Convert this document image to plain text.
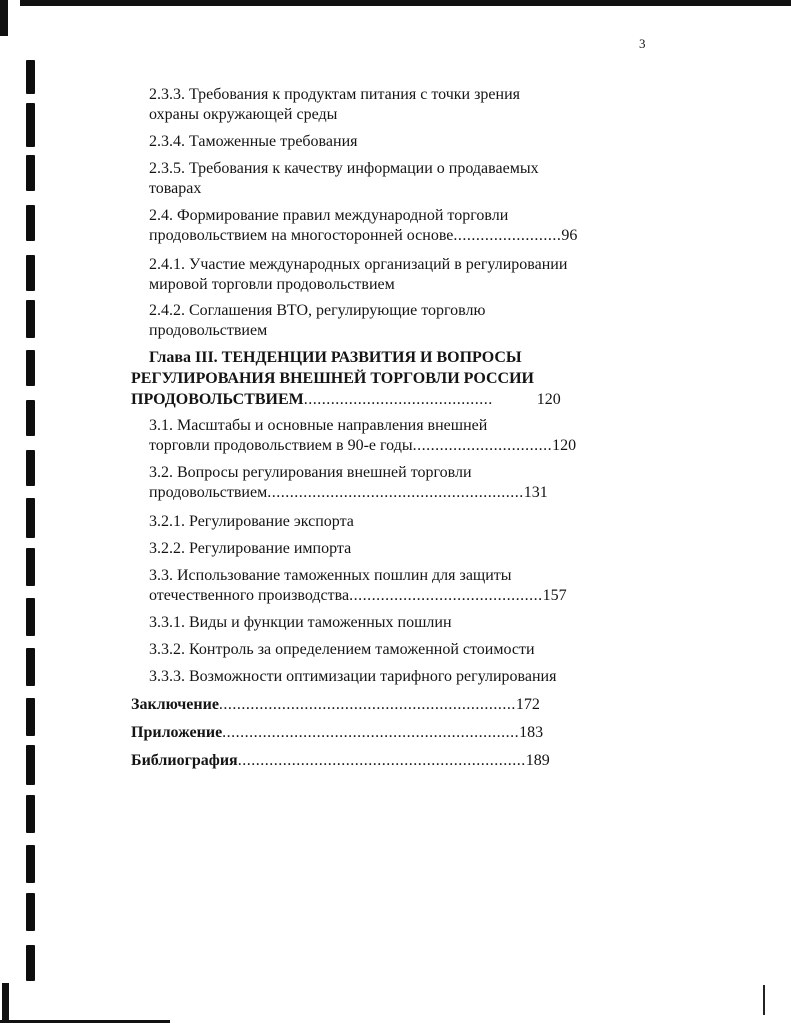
3
2.3.3. Требования к продуктам питания с точки зрения
охраны окружающей среды
2.3.4. Таможенные требования
2.3.5. Требования к качеству информации о продаваемых
товарах
2.4. Формирование правил международной торговли
продовольствием на многосторонней основе........................96
2.4.1. Участие международных организаций в регулировании
мировой торговли продовольствием
2.4.2. Соглашения ВТО, регулирующие торговлю
продовольствием
Глава III. ТЕНДЕНЦИИ РАЗВИТИЯ И ВОПРОСЫ
РЕГУЛИРОВАНИЯ ВНЕШНЕЙ ТОРГОВЛИ РОССИИ
ПРОДОВОЛЬСТВИЕМ..........................................	120
3.1. Масштабы и основные направления внешней
торговли продовольствием в 90-е годы...............................120
3.2. Вопросы регулирования внешней торговли
продовольствием.........................................................131
3.2.1. Регулирование экспорта
3.2.2. Регулирование импорта
3.3. Использование таможенных пошлин для защиты
отечественного производства...........................................157
3.3.1. Виды и функции таможенных пошлин
3.3.2. Контроль за определением таможенной стоимости
3.3.3. Возможности оптимизации тарифного регулирования
Заключение..................................................................172
Приложение..................................................................183
Библиография................................................................189
